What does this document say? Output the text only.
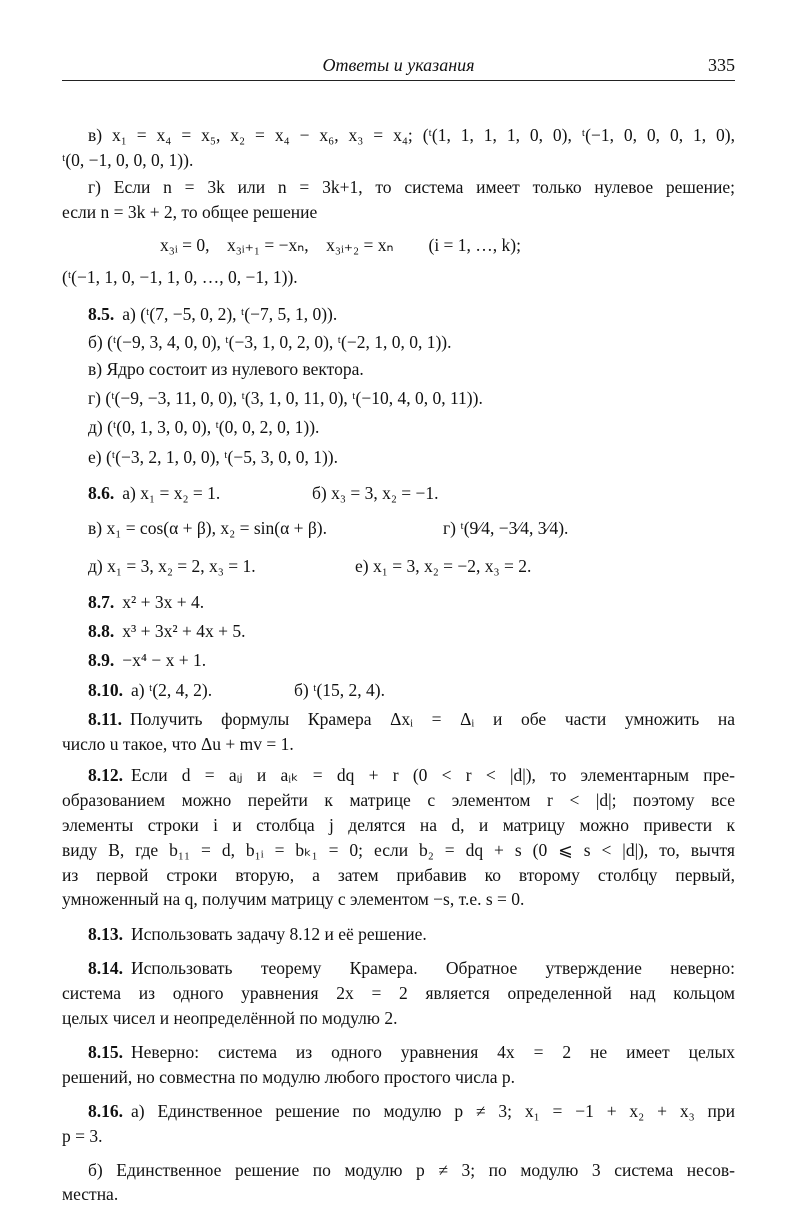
Ответы и указания	335
в) x₁ = x₄ = x₅, x₂ = x₄ − x₆, x₃ = x₄; (ᵗ(1, 1, 1, 1, 0, 0), ᵗ(−1, 0, 0, 0, 1, 0),
ᵗ(0, −1, 0, 0, 0, 1)).
г) Если n = 3k или n = 3k+1, то система имеет только нулевое решение;
если n = 3k + 2, то общее решение
x₃ᵢ = 0,    x₃ᵢ₊₁ = −xₙ,    x₃ᵢ₊₂ = xₙ        (i = 1, …, k);
(ᵗ(−1, 1, 0, −1, 1, 0, …, 0, −1, 1)).
8.5. а) (ᵗ(7, −5, 0, 2), ᵗ(−7, 5, 1, 0)).
б) (ᵗ(−9, 3, 4, 0, 0), ᵗ(−3, 1, 0, 2, 0), ᵗ(−2, 1, 0, 0, 1)).
в) Ядро состоит из нулевого вектора.
г) (ᵗ(−9, −3, 11, 0, 0), ᵗ(3, 1, 0, 11, 0), ᵗ(−10, 4, 0, 0, 11)).
д) (ᵗ(0, 1, 3, 0, 0), ᵗ(0, 0, 2, 0, 1)).
е) (ᵗ(−3, 2, 1, 0, 0), ᵗ(−5, 3, 0, 0, 1)).
8.6. а) x₁ = x₂ = 1.	б) x₃ = 3, x₂ = −1.
в) x₁ = cos(α + β), x₂ = sin(α + β).	г) ᵗ(9⁄4, −3⁄4, 3⁄4).
д) x₁ = 3, x₂ = 2, x₃ = 1.	е) x₁ = 3, x₂ = −2, x₃ = 2.
8.7. x² + 3x + 4.
8.8. x³ + 3x² + 4x + 5.
8.9. −x⁴ − x + 1.
8.10. а) ᵗ(2, 4, 2).	б) ᵗ(15, 2, 4).
8.11. Получить формулы Крамера Δxᵢ = Δᵢ и обе части умножить на
число u такое, что Δu + mv = 1.
8.12. Если d = aᵢⱼ и aᵢₖ = dq + r (0 < r < |d|), то элементарным пре-
образованием можно перейти к матрице с элементом r < |d|; поэтому все
элементы строки i и столбца j делятся на d, и матрицу можно привести к
виду B, где b₁₁ = d, b₁ᵢ = bₖ₁ = 0; если b₂ = dq + s (0 ⩽ s < |d|), то, вычтя
из первой строки вторую, а затем прибавив ко второму столбцу первый,
умноженный на q, получим матрицу с элементом −s, т.е. s = 0.
8.13. Использовать задачу 8.12 и её решение.
8.14. Использовать теорему Крамера. Обратное утверждение неверно:
система из одного уравнения 2x = 2 является определенной над кольцом
целых чисел и неопределённой по модулю 2.
8.15. Неверно: система из одного уравнения 4x = 2 не имеет целых
решений, но совместна по модулю любого простого числа p.
8.16. а) Единственное решение по модулю p ≠ 3; x₁ = −1 + x₂ + x₃ при
p = 3.
б) Единственное решение по модулю p ≠ 3; по модулю 3 система несов-
местна.
